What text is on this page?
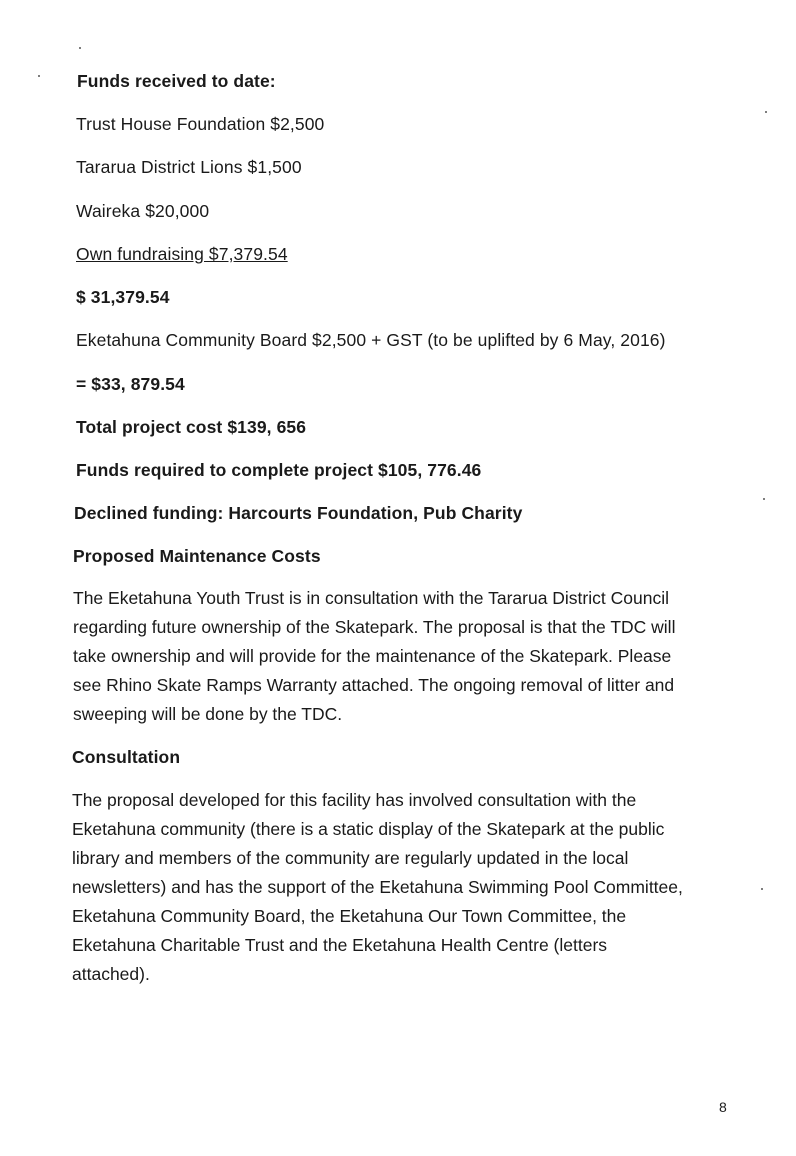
Funds received to date:
Trust House Foundation $2,500
Tararua District Lions $1,500
Waireka $20,000
Own fundraising $7,379.54
$ 31,379.54
Eketahuna Community Board $2,500 + GST (to be uplifted by 6 May, 2016)
= $33, 879.54
Total project cost $139, 656
Funds required to complete project $105, 776.46
Declined funding: Harcourts Foundation, Pub Charity
Proposed Maintenance Costs
The Eketahuna Youth Trust is in consultation with the Tararua District Council
regarding future ownership of the Skatepark. The proposal is that the TDC will
take ownership and will provide for the maintenance of the Skatepark. Please
see Rhino Skate Ramps Warranty attached. The ongoing removal of litter and
sweeping will be done by the TDC.
Consultation
The proposal developed for this facility has involved consultation with the
Eketahuna community (there is a static display of the Skatepark at the public
library and members of the community are regularly updated in the local
newsletters) and has the support of the Eketahuna Swimming Pool Committee,
Eketahuna Community Board, the Eketahuna Our Town Committee, the
Eketahuna Charitable Trust and the Eketahuna Health Centre (letters
attached).
8
